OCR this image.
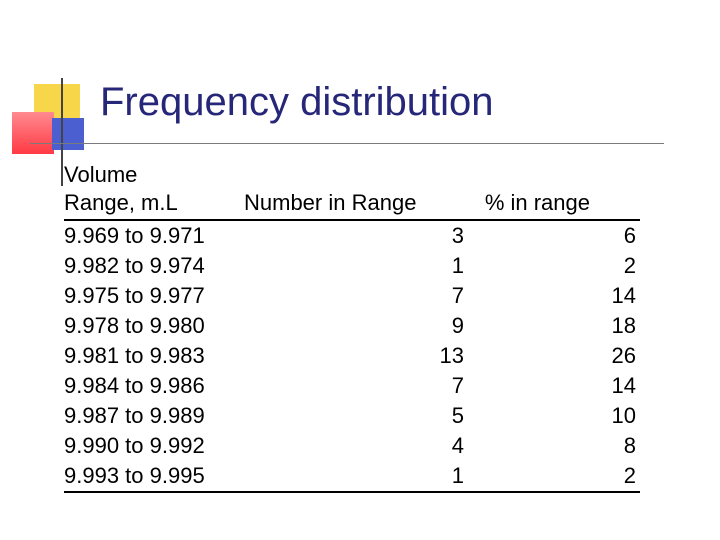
Frequency distribution
Volume
Range, m.L	Number in Range	% in range
9.969 to 9.971	3	6
9.982 to 9.974	1	2
9.975 to 9.977	7	14
9.978 to 9.980	9	18
9.981 to 9.983	13	26
9.984 to 9.986	7	14
9.987 to 9.989	5	10
9.990 to 9.992	4	8
9.993 to 9.995	1	2
